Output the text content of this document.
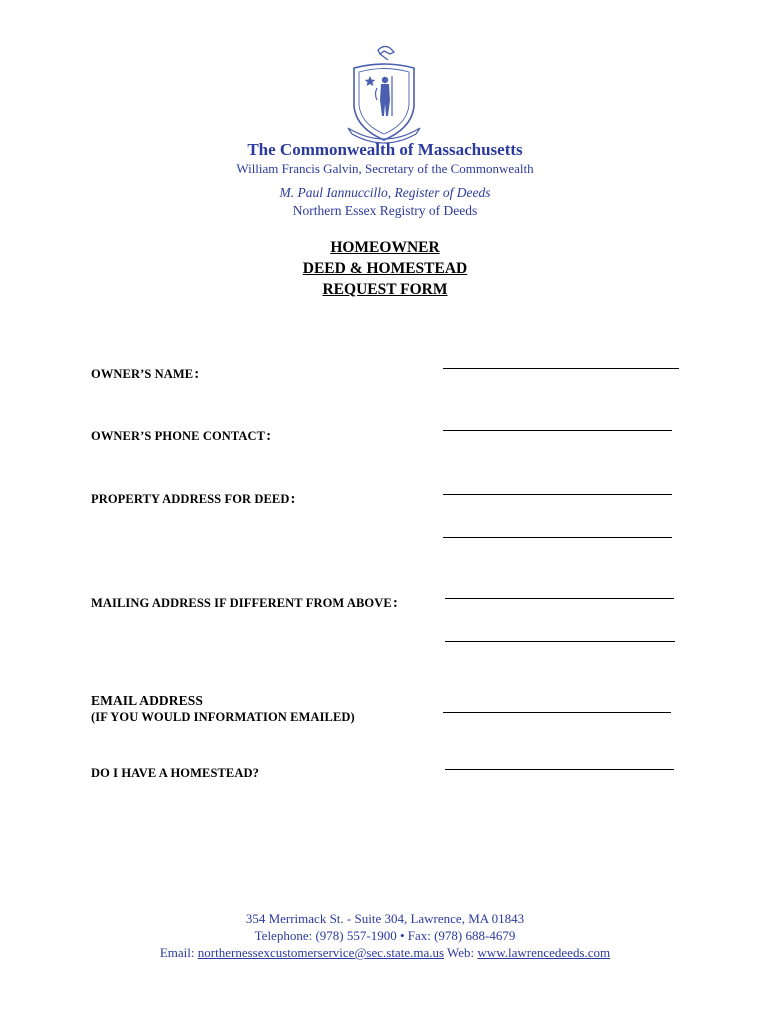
The Commonwealth of Massachusetts
William Francis Galvin, Secretary of the Commonwealth
M. Paul Iannuccillo, Register of Deeds
Northern Essex Registry of Deeds
HOMEOWNER
DEED & HOMESTEAD
REQUEST FORM
OWNER’S NAME:
OWNER’S PHONE CONTACT:
PROPERTY ADDRESS FOR DEED:
MAILING ADDRESS IF DIFFERENT FROM ABOVE:
EMAIL ADDRESS
(IF YOU WOULD INFORMATION EMAILED)
DO I HAVE A HOMESTEAD?
354 Merrimack St. - Suite 304, Lawrence, MA 01843
Telephone: (978) 557-1900 • Fax: (978) 688-4679
Email: northernessexcustomerservice@sec.state.ma.us Web: www.lawrencedeeds.com
